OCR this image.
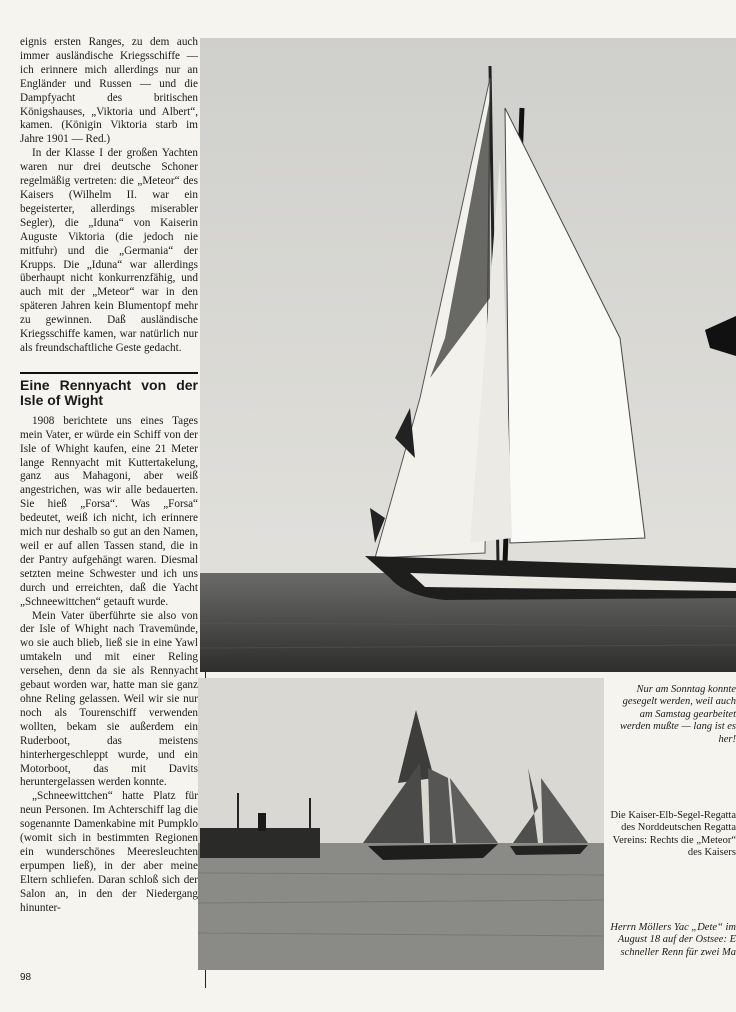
eignis ersten Ranges, zu dem auch immer ausländische Kriegsschiffe — ich erinnere mich allerdings nur an Engländer und Russen — und die Dampfyacht des britischen Königshauses, „Viktoria und Albert“, kamen. (Königin Viktoria starb im Jahre 1901 — Red.)

In der Klasse I der großen Yachten waren nur drei deutsche Schoner regelmäßig vertreten: die „Meteor“ des Kaisers (Wilhelm II. war ein begeisterter, allerdings miserabler Segler), die „Iduna“ von Kaiserin Auguste Viktoria (die jedoch nie mitfuhr) und die „Germania“ der Krupps. Die „Iduna“ war allerdings überhaupt nicht konkurrenzfähig, und auch mit der „Meteor“ war in den späteren Jahren kein Blumentopf mehr zu gewinnen. Daß ausländische Kriegsschiffe kamen, war natürlich nur als freundschaftliche Geste gedacht.

Eine Rennyacht von der Isle of Wight

1908 berichtete uns eines Tages mein Vater, er würde ein Schiff von der Isle of Whight kaufen, eine 21 Meter lange Rennyacht mit Kuttertakelung, ganz aus Mahagoni, aber weiß angestrichen, was wir alle bedauerten. Sie hieß „Forsa“. Was „Forsa“ bedeutet, weiß ich nicht, ich erinnere mich nur deshalb so gut an den Namen, weil er auf allen Tassen stand, die in der Pantry aufgehängt waren. Diesmal setzten meine Schwester und ich uns durch und erreichten, daß die Yacht „Schneewittchen“ getauft wurde.

Mein Vater überführte sie also von der Isle of Whight nach Travemünde, wo sie auch blieb, ließ sie in eine Yawl umtakeln und mit einer Reling versehen, denn da sie als Rennyacht gebaut worden war, hatte man sie ganz ohne Reling gelassen. Weil wir sie nur noch als Tourenschiff verwenden wollten, bekam sie außerdem ein Ruderboot, das meistens hinterhergeschleppt wurde, und ein Motorboot, das mit Davits heruntergelassen werden konnte.

„Schneewittchen“ hatte Platz für neun Personen. Im Achterschiff lag die sogenannte Damenkabine mit Pumpklo (womit sich in bestimmten Regionen ein wunderschönes Meeresleuchten erpumpen ließ), in der aber meine Eltern schliefen. Daran schloß sich der Salon an, in den der Niedergang hinunter-

98
Nur am Sonntag konnte gesegelt werden, weil auch am Samstag gearbeitet werden mußte — lang ist es her!
Die Kaiser-Elb-Segel-Regatta des Norddeutschen Regatta Vereins: Rechts die „Meteor“ des Kaisers
Herrn Möllers Yac „Dete“ im August 18 auf der Ostsee: E schneller Renn für zwei Ma
